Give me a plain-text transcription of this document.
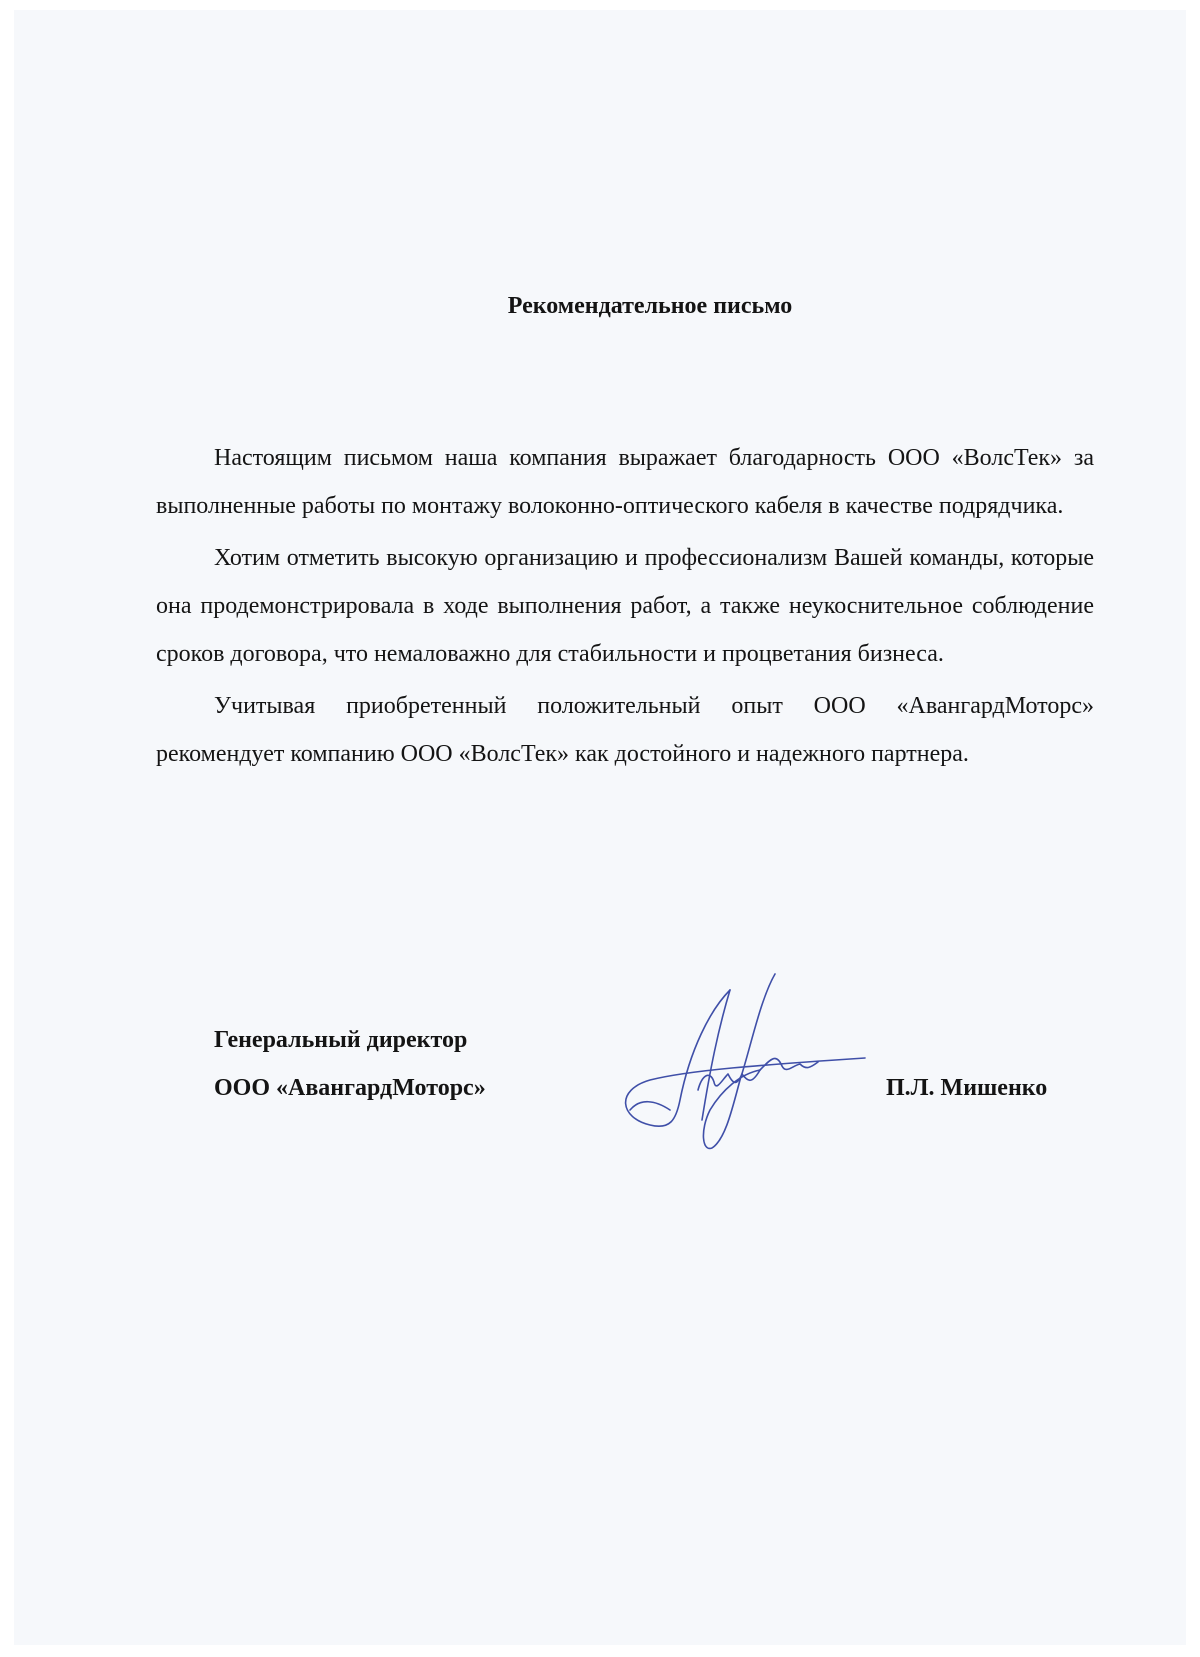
Рекомендательное письмо

Настоящим письмом наша компания выражает благодарность ООО «ВолсТек» за выполненные работы по монтажу волоконно-оптического кабеля в качестве подрядчика.

Хотим отметить высокую организацию и профессионализм Вашей команды, которые она продемонстрировала в ходе выполнения работ, а также неукоснительное соблюдение сроков договора, что немаловажно для стабильности и процветания бизнеса.

Учитывая приобретенный положительный опыт ООО «АвангардМоторс» рекомендует компанию ООО «ВолсТек» как достойного и надежного партнера.

Генеральный директор
ООО «АвангардМоторс»	П.Л. Мишенко
